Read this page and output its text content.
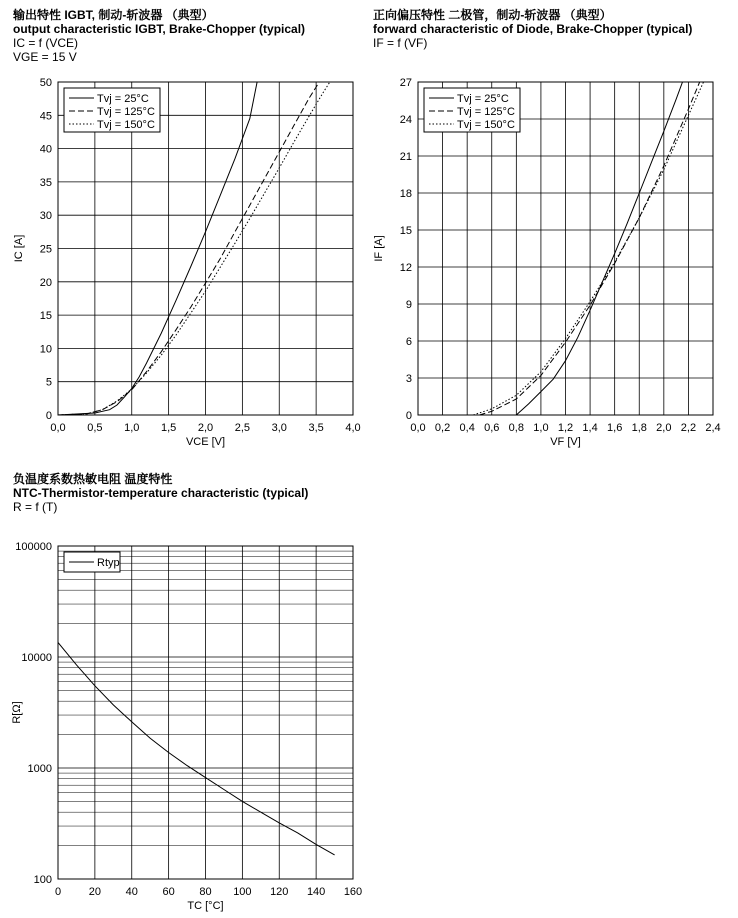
输出特性 IGBT, 制动-斩波器 （典型）
output characteristic IGBT, Brake-Chopper (typical)
IC = f (VCE)
VGE = 15 V
正向偏压特性 二极管，制动-斩波器 （典型）
forward characteristic of Diode, Brake-Chopper (typical)
IF = f (VF)
负温度系数热敏电阻 温度特性
NTC-Thermistor-temperature characteristic (typical)
R = f (T)
0,0 0,5 1,0 1,5 2,0 2,5 3,0 3,5 4,0
0
5
10
15
20
25
30
35
40
45
50
VCE [V]
IC [A]
Tvj = 25°C
Tvj = 125°C
Tvj = 150°C
0,0 0,2 0,4 0,6 0,8 1,0 1,2 1,4 1,6 1,8 2,0 2,2 2,4
0
3
6
9
12
15
18
21
24
27
VF [V]
IF [A]
Tvj = 25°C
Tvj = 125°C
Tvj = 150°C
0	20 40 60 80 100 120 140 160
100
1000
10000
100000
TC [°C]
R[Ω]
Rtyp
